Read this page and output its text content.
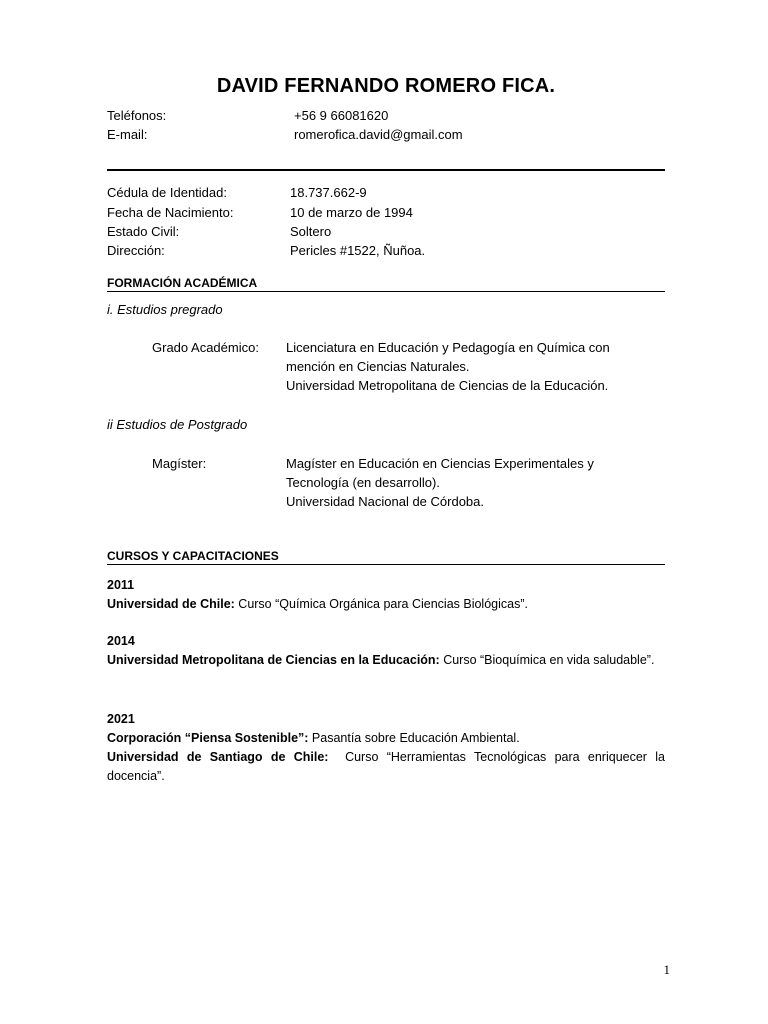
DAVID FERNANDO ROMERO FICA.
Teléfonos:	+56 9 66081620
E-mail:	romerofica.david@gmail.com
Cédula de Identidad:	18.737.662-9
Fecha de Nacimiento:	10 de marzo de 1994
Estado Civil:	Soltero
Dirección:	Pericles #1522, Ñuñoa.
FORMACIÓN ACADÉMICA
i. Estudios pregrado
Grado Académico: Licenciatura en Educación y Pedagogía en Química con
mención en Ciencias Naturales.
Universidad Metropolitana de Ciencias de la Educación.
ii Estudios de Postgrado
Magíster:	Magíster en Educación en Ciencias Experimentales y
Tecnología (en desarrollo).
Universidad Nacional de Córdoba.
CURSOS Y CAPACITACIONES
2011
Universidad de Chile: Curso “Química Orgánica para Ciencias Biológicas”.
2014
Universidad Metropolitana de Ciencias en la Educación: Curso “Bioquímica en vida saludable”.
2021
Corporación “Piensa Sostenible”: Pasantía sobre Educación Ambiental.
Universidad de Santiago de Chile:  Curso “Herramientas Tecnológicas para enriquecer la docencia”.
1
